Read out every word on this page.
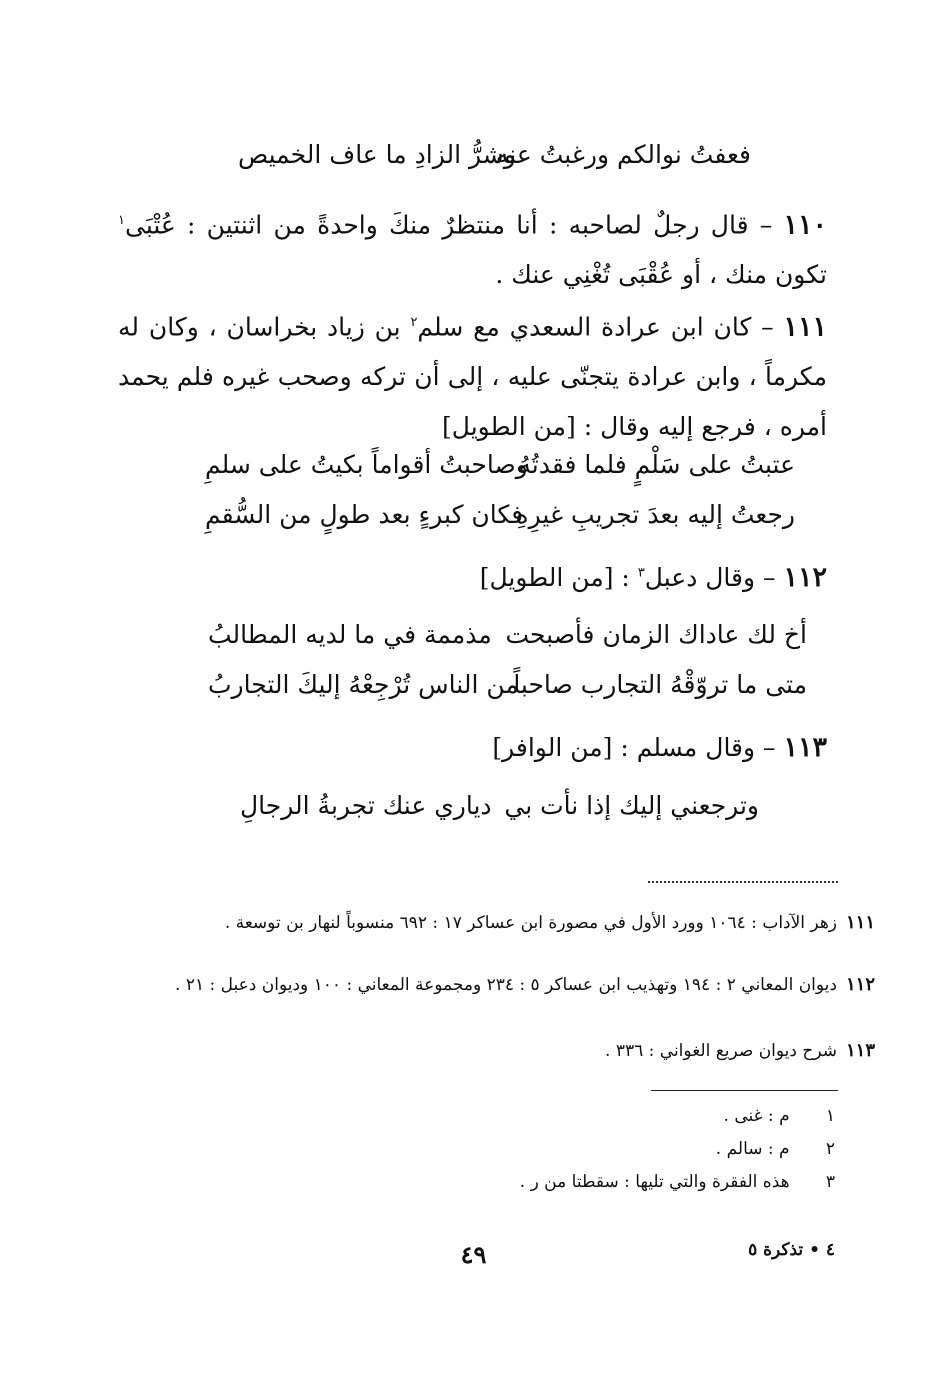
فعفتُ نوالكم ورغبتُ عنه
وشرُّ الزادِ ما عاف الخميص
١١٠ – قال رجلٌ لصاحبه : أنا منتظرٌ منكَ واحدةً من اثنتين : عُتْبَى$^١$ تكون منك ، أو عُقْبَى تُغْنِي عنك .
١١١ – كان ابن عرادة السعدي مع سلم$^٢$ بن زياد بخراسان ، وكان له مكرماً ، وابن عرادة يتجنّى عليه ، إلى أن تركه وصحب غيره فلم يحمد أمره ، فرجع إليه وقال : [من الطويل]
عتبتُ على سَلْمٍ فلما فقدتُهُ
وصاحبتُ أقواماً بكيتُ على سلمِ
رجعتُ إليه بعدَ تجريبِ غيرِهِ
فكان كبرءٍ بعد طولٍ من السُّقمِ
١١٢ – وقال دعبل$^٣$ : [من الطويل]
أخ لك عاداك الزمان فأصبحت
مذممة في ما لديه المطالبُ
متى ما تروّقْهُ التجارب صاحباً
من الناس تُرْجِعْهُ إليكَ التجاربُ
١١٣ – وقال مسلم : [من الوافر]
وترجعني إليك إذا نأت بي
دياري عنك تجربةُ الرجالِ
١١١
زهر الآداب : ١٠٦٤ وورد الأول في مصورة ابن عساكر ١٧ : ٦٩٢ منسوباً لنهار بن توسعة .
١١٢
ديوان المعاني ٢ : ١٩٤ وتهذيب ابن عساكر ٥ : ٢٣٤ ومجموعة المعاني : ١٠٠ وديوان دعبل : ٢١ .
١١٣
شرح ديوان صريع الغواني : ٣٣٦ .
١ م : غنى .
٢ م : سالم .
٣ هذه الفقرة والتي تليها : سقطتا من ر .
٤ • تذكرة ٥
٤٩
